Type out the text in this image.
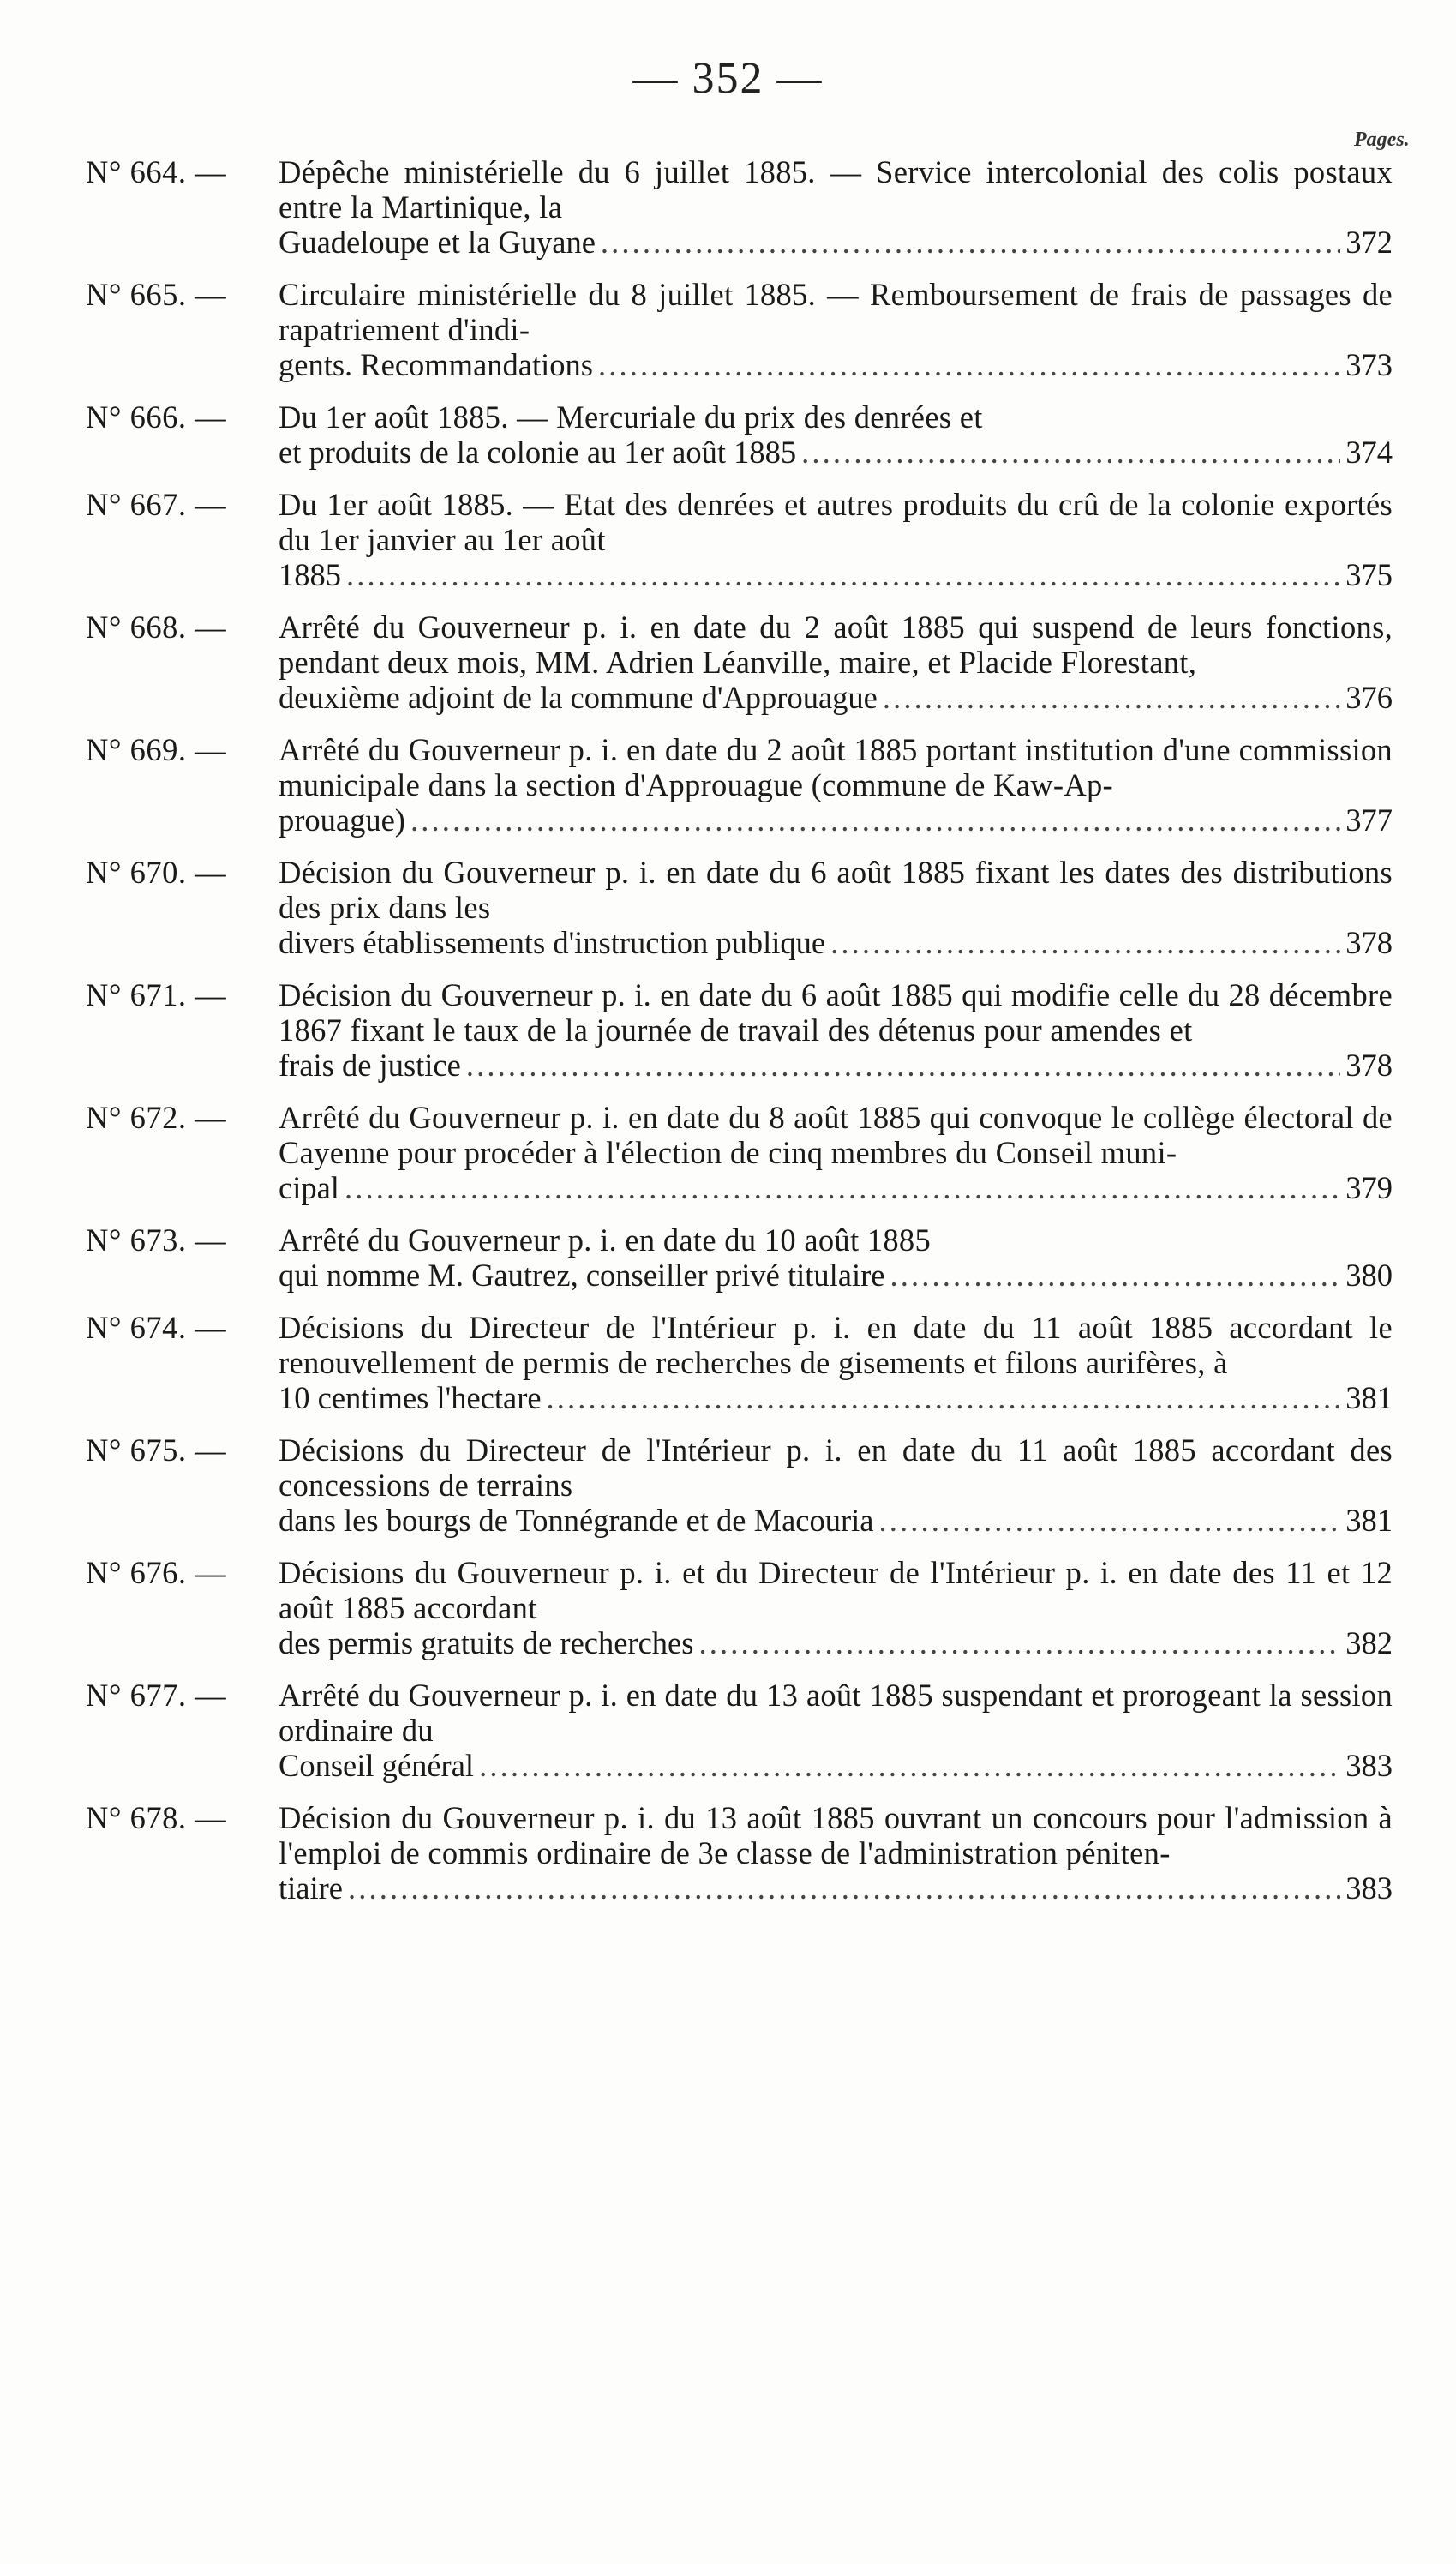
— 352 —
Pages.
N° 664. —	Dépêche ministérielle du 6 juillet 1885. — Service intercolonial des colis postaux entre la Martinique, la
Guadeloupe et la Guyane . . .	372
N° 665. —	Circulaire ministérielle du 8 juillet 1885. — Remboursement de frais de passages de rapatriement d'indi-
gents. Recommandations . . .	373
N° 666. —	Du 1er août 1885. — Mercuriale du prix des denrées et
et produits de la colonie au 1er août 1885 . . .	374
N° 667. —	Du 1er août 1885. — Etat des denrées et autres produits du crû de la colonie exportés du 1er janvier au 1er août
1885 . . .	375
N° 668. —	Arrêté du Gouverneur p. i. en date du 2 août 1885 qui suspend de leurs fonctions, pendant deux mois, MM. Adrien Léanville, maire, et Placide Florestant,
deuxième adjoint de la commune d'Approuague . . .	376
N° 669. —	Arrêté du Gouverneur p. i. en date du 2 août 1885 portant institution d'une commission municipale dans la section d'Approuague (commune de Kaw-Ap-
prouague) . . .	377
N° 670. —	Décision du Gouverneur p. i. en date du 6 août 1885 fixant les dates des distributions des prix dans les
divers établissements d'instruction publique . . .	378
N° 671. —	Décision du Gouverneur p. i. en date du 6 août 1885 qui modifie celle du 28 décembre 1867 fixant le taux de la journée de travail des détenus pour amendes et
frais de justice . . .	378
N° 672. —	Arrêté du Gouverneur p. i. en date du 8 août 1885 qui convoque le collège électoral de Cayenne pour procéder à l'élection de cinq membres du Conseil muni-
cipal . . .	379
N° 673. —	Arrêté du Gouverneur p. i. en date du 10 août 1885
qui nomme M. Gautrez, conseiller privé titulaire . . .	380
N° 674. —	Décisions du Directeur de l'Intérieur p. i. en date du 11 août 1885 accordant le renouvellement de permis de recherches de gisements et filons aurifères, à
10 centimes l'hectare . . .	381
N° 675. —	Décisions du Directeur de l'Intérieur p. i. en date du 11 août 1885 accordant des concessions de terrains
dans les bourgs de Tonnégrande et de Macouria . . .	381
N° 676. —	Décisions du Gouverneur p. i. et du Directeur de l'Intérieur p. i. en date des 11 et 12 août 1885 accordant
des permis gratuits de recherches . . .	382
N° 677. —	Arrêté du Gouverneur p. i. en date du 13 août 1885 suspendant et prorogeant la session ordinaire du
Conseil général . . .	383
N° 678. —	Décision du Gouverneur p. i. du 13 août 1885 ouvrant un concours pour l'admission à l'emploi de commis ordinaire de 3e classe de l'administration péniten-
tiaire . . .	383
